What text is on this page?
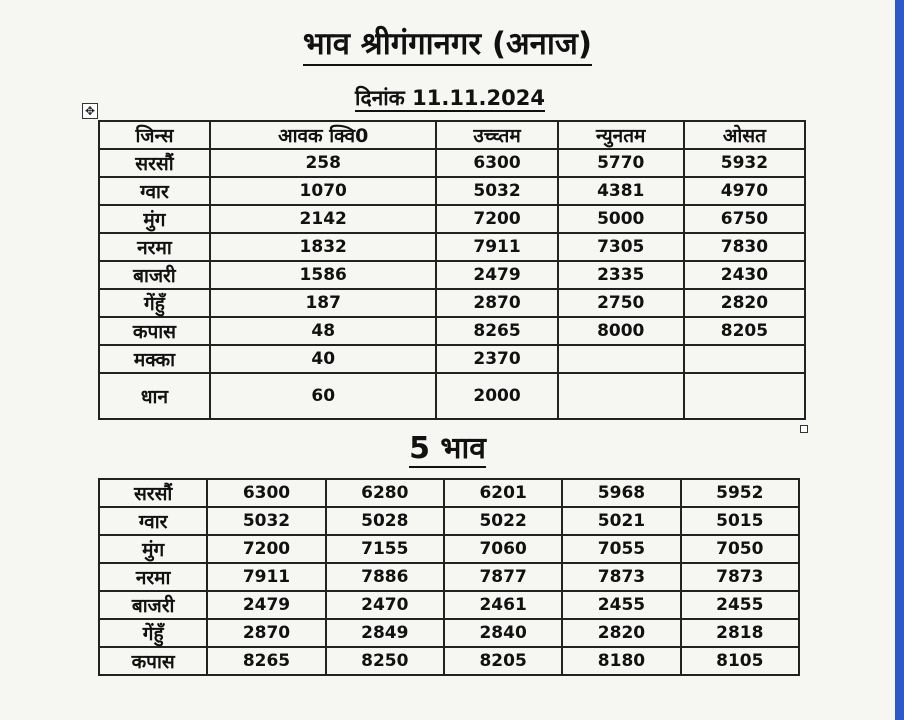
भाव श्रीगंगानगर (अनाज)
दिनांक 11.11.2024
✥
जिन्स	आवक क्वि0	उच्च्तम	न्युनतम	ओसत
सरसौं	258	6300	5770	5932
ग्वार	1070	5032	4381	4970
मुंग	2142	7200	5000	6750
नरमा	1832	7911	7305	7830
बाजरी	1586	2479	2335	2430
गेंहुँ	187	2870	2750	2820
कपास	48	8265	8000	8205
मक्का	40	2370		
धान	60	2000		
5 भाव
सरसौं	6300	6280	6201	5968	5952
ग्वार	5032	5028	5022	5021	5015
मुंग	7200	7155	7060	7055	7050
नरमा	7911	7886	7877	7873	7873
बाजरी	2479	2470	2461	2455	2455
गेंहुँ	2870	2849	2840	2820	2818
कपास	8265	8250	8205	8180	8105
